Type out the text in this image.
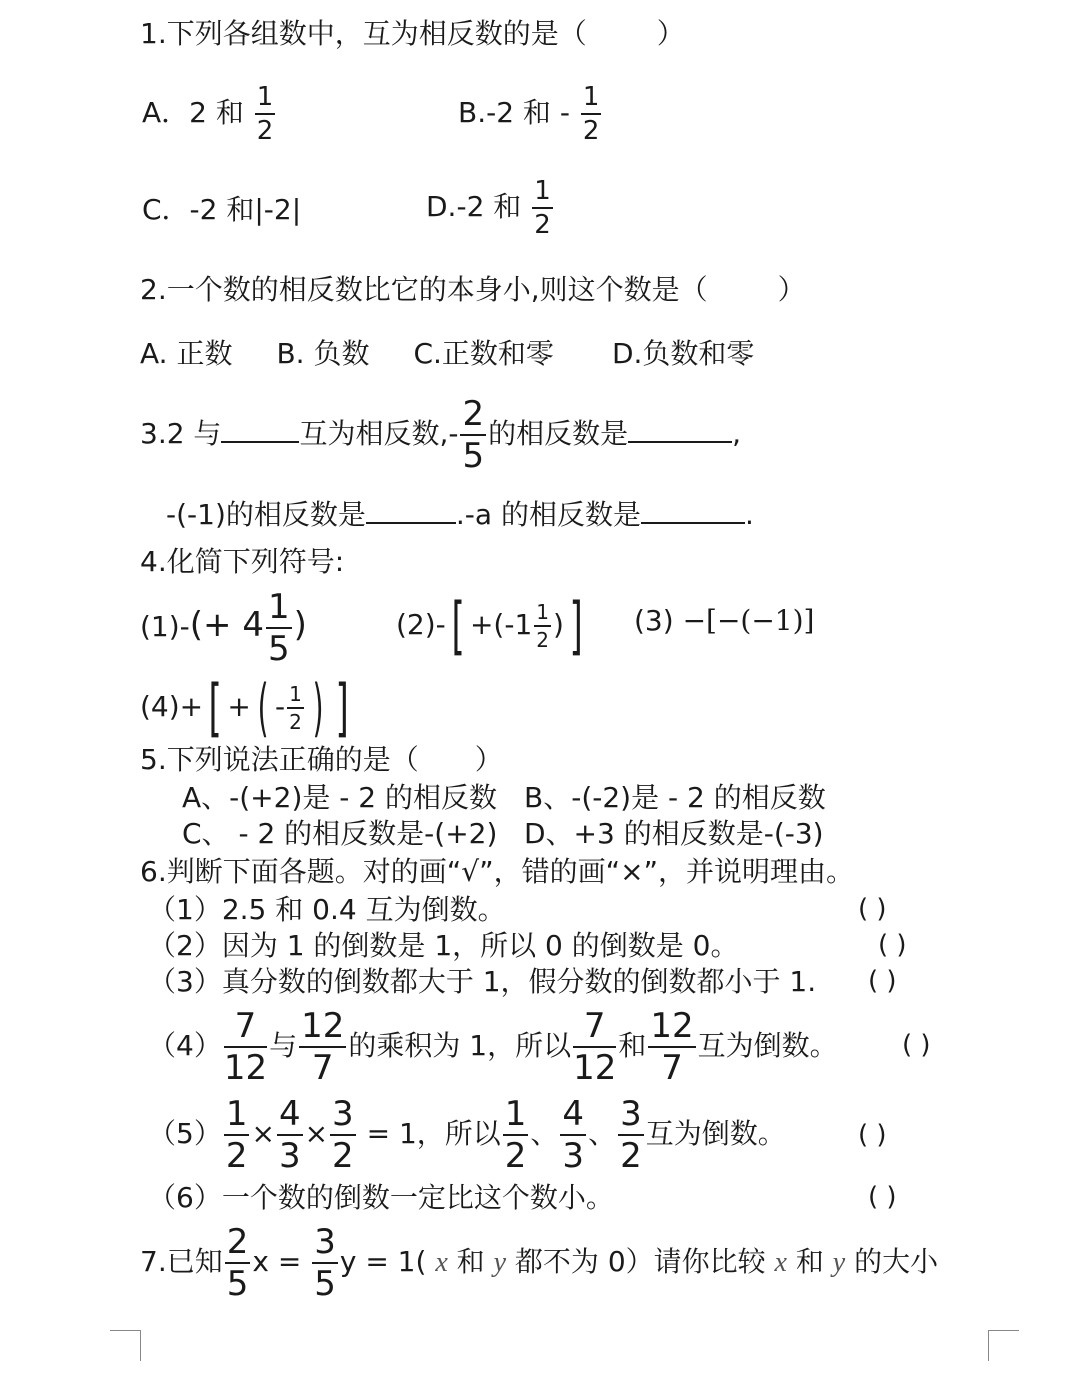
1.下列各组数中，互为相反数的是（	）
A．2 和 $\frac{1}{2}$	B.-2 和 - $\frac{1}{2}$
C．-2 和|-2|	D.-2 和 $\frac{1}{2}$
2.一个数的相反数比它的本身小,则这个数是（	）
A. 正数 B. 负数 C.正数和零 D.负数和零
3.2 与	互为相反数,- $\frac{2}{5}$ 的相反数是	,
-(-1)的相反数是	.-a 的相反数是	.
4.化简下列符号:
$(1)-(+ 4 \frac{1}{5}$ )	$(2)-[ +(-1 \frac{1}{2}$ )] (3) −[−(−1)]
(4)+[ + ( - $\frac{1}{2}$ ) ]
5.下列说法正确的是（ ）
A、-(+2)是 - 2 的相反数 B、-(-2)是 - 2 的相反数
C、 - 2 的相反数是-(+2) D、+3 的相反数是-(-3)
6.判断下面各题。对的画“√”，错的画“×”，并说明理由。
（1）2.5 和 0.4 互为倒数。	( )
（2）因为 1 的倒数是 1，所以 0 的倒数是 0。	( )
（3）真分数的倒数都大于 1，假分数的倒数都小于 1. ( )
$(4) \frac{7}{12}$ 与 $\frac{12}{7}$ 的乘积为 1，所以 $\frac{7}{12}$ 和 $\frac{12}{7}$ 互为倒数。 ( )
$(5) \frac{1}{2} \times \frac{4}{3} \times \frac{3}{2} = 1$，所以 $\frac{1}{2}$ 、 $\frac{4}{3}$ 、 $\frac{3}{2}$ 互为倒数。	( )
（6）一个数的倒数一定比这个数小。	( )
7.已知 $\frac{2}{5}$ $x = \frac{3}{5}$ y = 1( x 和 y 都不为 0）请你比较 x 和 y 的大小
